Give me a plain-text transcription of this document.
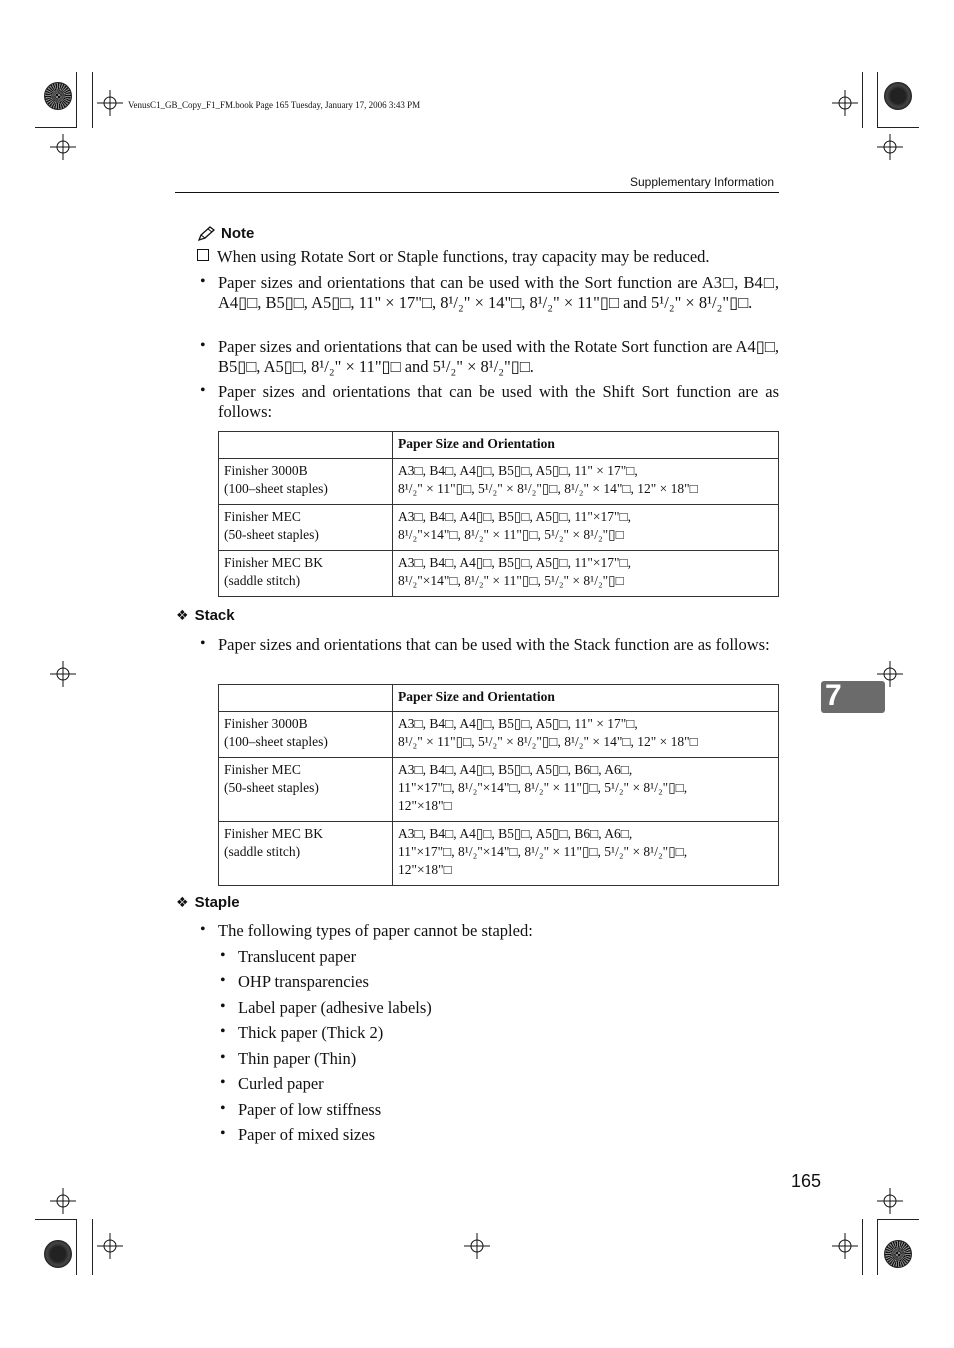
VenusC1_GB_Copy_F1_FM.book Page 165 Tuesday, January 17, 2006 3:43 PM
Supplementary Information
Note
When using Rotate Sort or Staple functions, tray capacity may be reduced.
• Paper sizes and orientations that can be used with the Sort function are A3□, B4□, A4▯□, B5▯□, A5▯□, 11" × 17"□, 8¹/₂" × 14"□, 8¹/₂" × 11"▯□ and 5¹/₂" × 8¹/₂"▯□.
• Paper sizes and orientations that can be used with the Rotate Sort function are A4▯□, B5▯□, A5▯□, 8¹/₂" × 11"▯□ and 5¹/₂" × 8¹/₂"▯□.
• Paper sizes and orientations that can be used with the Shift Sort function are as follows:
	Paper Size and Orientation
Finisher 3000B
(100–sheet staples)	A3□, B4□, A4▯□, B5▯□, A5▯□, 11" × 17"□,
8¹/₂" × 11"▯□, 5¹/₂" × 8¹/₂"▯□, 8¹/₂" × 14"□, 12" × 18"□
Finisher MEC
(50-sheet staples)	A3□, B4□, A4▯□, B5▯□, A5▯□, 11"×17"□,
8¹/₂"×14"□, 8¹/₂" × 11"▯□, 5¹/₂" × 8¹/₂"▯□
Finisher MEC BK
(saddle stitch)	A3□, B4□, A4▯□, B5▯□, A5▯□, 11"×17"□,
8¹/₂"×14"□, 8¹/₂" × 11"▯□, 5¹/₂" × 8¹/₂"▯□
❖ Stack
• Paper sizes and orientations that can be used with the Stack function are as follows:
	Paper Size and Orientation
Finisher 3000B
(100–sheet staples)	A3□, B4□, A4▯□, B5▯□, A5▯□, 11" × 17"□,
8¹/₂" × 11"▯□, 5¹/₂" × 8¹/₂"▯□, 8¹/₂" × 14"□, 12" × 18"□
Finisher MEC
(50-sheet staples)	A3□, B4□, A4▯□, B5▯□, A5▯□, B6□, A6□,
11"×17"□, 8¹/₂"×14"□, 8¹/₂" × 11"▯□, 5¹/₂" × 8¹/₂"▯□,
12"×18"□
Finisher MEC BK
(saddle stitch)	A3□, B4□, A4▯□, B5▯□, A5▯□, B6□, A6□,
11"×17"□, 8¹/₂"×14"□, 8¹/₂" × 11"▯□, 5¹/₂" × 8¹/₂"▯□,
12"×18"□
❖ Staple
• The following types of paper cannot be stapled:
• Translucent paper
• OHP transparencies
• Label paper (adhesive labels)
• Thick paper (Thick 2)
• Thin paper (Thin)
• Curled paper
• Paper of low stiffness
• Paper of mixed sizes
7
165
